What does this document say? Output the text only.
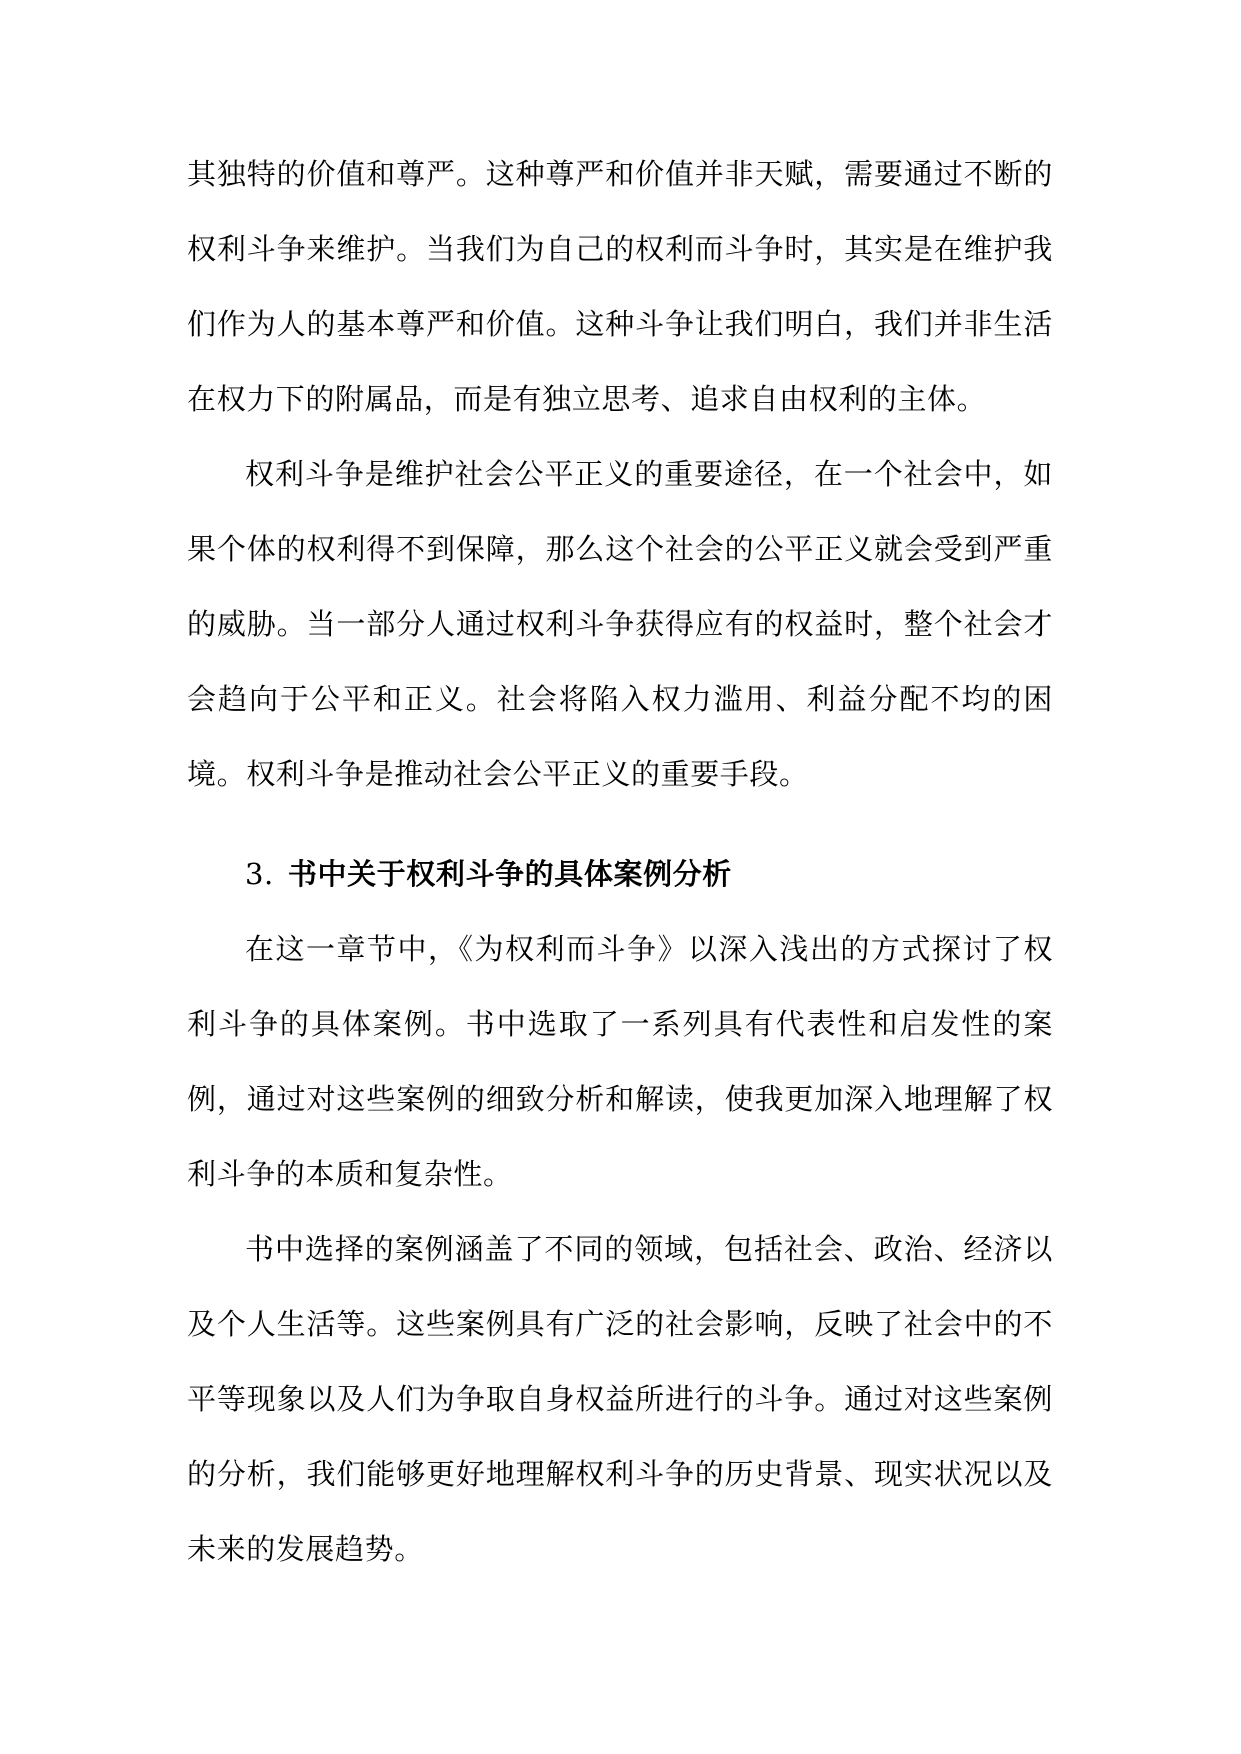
其独特的价值和尊严。这种尊严和价值并非天赋，需要通过不断的权利斗争来维护。当我们为自己的权利而斗争时，其实是在维护我们作为人的基本尊严和价值。这种斗争让我们明白，我们并非生活在权力下的附属品，而是有独立思考、追求自由权利的主体。

权利斗争是维护社会公平正义的重要途径，在一个社会中，如果个体的权利得不到保障，那么这个社会的公平正义就会受到严重的威胁。当一部分人通过权利斗争获得应有的权益时，整个社会才会趋向于公平和正义。社会将陷入权力滥用、利益分配不均的困境。权利斗争是推动社会公平正义的重要手段。

3. 书中关于权利斗争的具体案例分析

在这一章节中，《为权利而斗争》以深入浅出的方式探讨了权利斗争的具体案例。书中选取了一系列具有代表性和启发性的案例，通过对这些案例的细致分析和解读，使我更加深入地理解了权利斗争的本质和复杂性。

书中选择的案例涵盖了不同的领域，包括社会、政治、经济以及个人生活等。这些案例具有广泛的社会影响，反映了社会中的不平等现象以及人们为争取自身权益所进行的斗争。通过对这些案例的分析，我们能够更好地理解权利斗争的历史背景、现实状况以及未来的发展趋势。
